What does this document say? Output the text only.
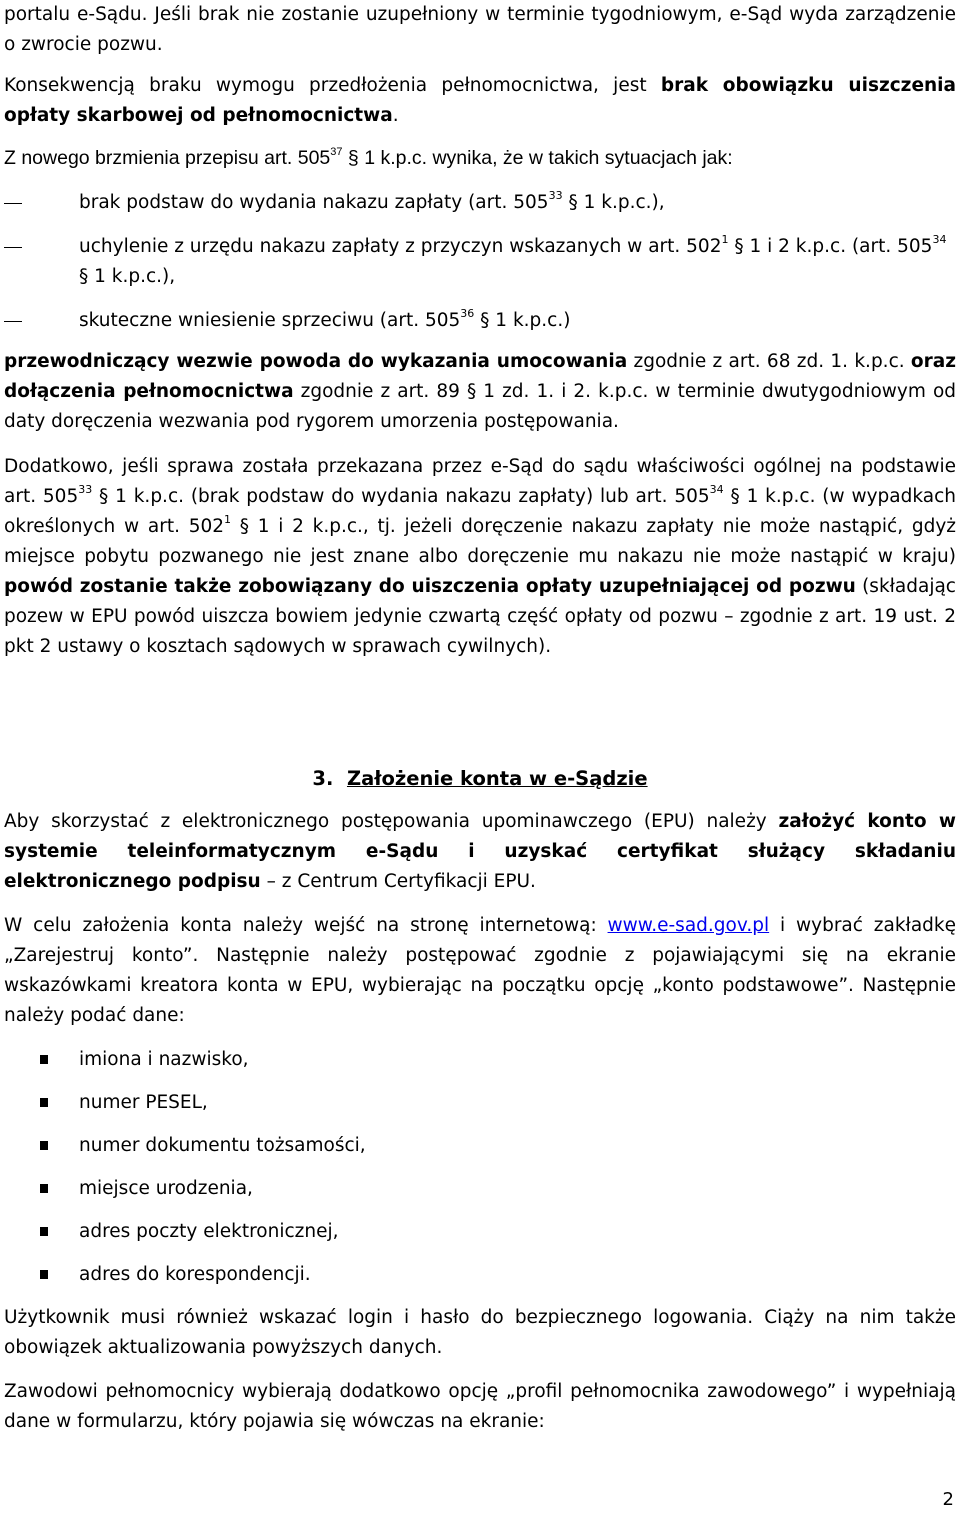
portalu e-Sądu. Jeśli brak nie zostanie uzupełniony w terminie tygodniowym, e-Sąd wyda zarządzenie o zwrocie pozwu.

Konsekwencją braku wymogu przedłożenia pełnomocnictwa, jest brak obowiązku uiszczenia opłaty skarbowej od pełnomocnictwa.

Z nowego brzmienia przepisu art. $505^{37}$ § 1 k.p.c. wynika, że w takich sytuacjach jak:

brak podstaw do wydania nakazu zapłaty (art. $505^{33}$ § 1 k.p.c.),
uchylenie z urzędu nakazu zapłaty z przyczyn wskazanych w art. $502^1$ § 1 i 2 k.p.c. (art. $505^{34}$ § 1 k.p.c.),
skuteczne wniesienie sprzeciwu (art. $505^{36}$ § 1 k.p.c.)

przewodniczący wezwie powoda do wykazania umocowania zgodnie z art. 68 zd. 1. k.p.c. oraz dołączenia pełnomocnictwa zgodnie z art. 89 § 1 zd. 1. i 2. k.p.c. w terminie dwutygodniowym od daty doręczenia wezwania pod rygorem umorzenia postępowania.

Dodatkowo, jeśli sprawa została przekazana przez e-Sąd do sądu właściwości ogólnej na podstawie art. $505^{33}$ § 1 k.p.c. (brak podstaw do wydania nakazu zapłaty) lub art. $505^{34}$ § 1 k.p.c. (w wypadkach określonych w art. $502^1$ § 1 i 2 k.p.c., tj. jeżeli doręczenie nakazu zapłaty nie może nastąpić, gdyż miejsce pobytu pozwanego nie jest znane albo doręczenie mu nakazu nie może nastąpić w kraju) powód zostanie także zobowiązany do uiszczenia opłaty uzupełniającej od pozwu (składając pozew w EPU powód uiszcza bowiem jedynie czwartą część opłaty od pozwu – zgodnie z art. 19 ust. 2 pkt 2 ustawy o kosztach sądowych w sprawach cywilnych).

3. Założenie konta w e-Sądzie

Aby skorzystać z elektronicznego postępowania upominawczego (EPU) należy założyć konto w systemie teleinformatycznym e-Sądu i uzyskać certyfikat służący składaniu elektronicznego podpisu – z Centrum Certyfikacji EPU.

W celu założenia konta należy wejść na stronę internetową: www.e-sad.gov.pl i wybrać zakładkę „Zarejestruj konto”. Następnie należy postępować zgodnie z pojawiającymi się na ekranie wskazówkami kreatora konta w EPU, wybierając na początku opcję „konto podstawowe”. Następnie należy podać dane:

imiona i nazwisko,
numer PESEL,
numer dokumentu tożsamości,
miejsce urodzenia,
adres poczty elektronicznej,
adres do korespondencji.

Użytkownik musi również wskazać login i hasło do bezpiecznego logowania. Ciąży na nim także obowiązek aktualizowania powyższych danych.

Zawodowi pełnomocnicy wybierają dodatkowo opcję „profil pełnomocnika zawodowego” i wypełniają dane w formularzu, który pojawia się wówczas na ekranie:

2
